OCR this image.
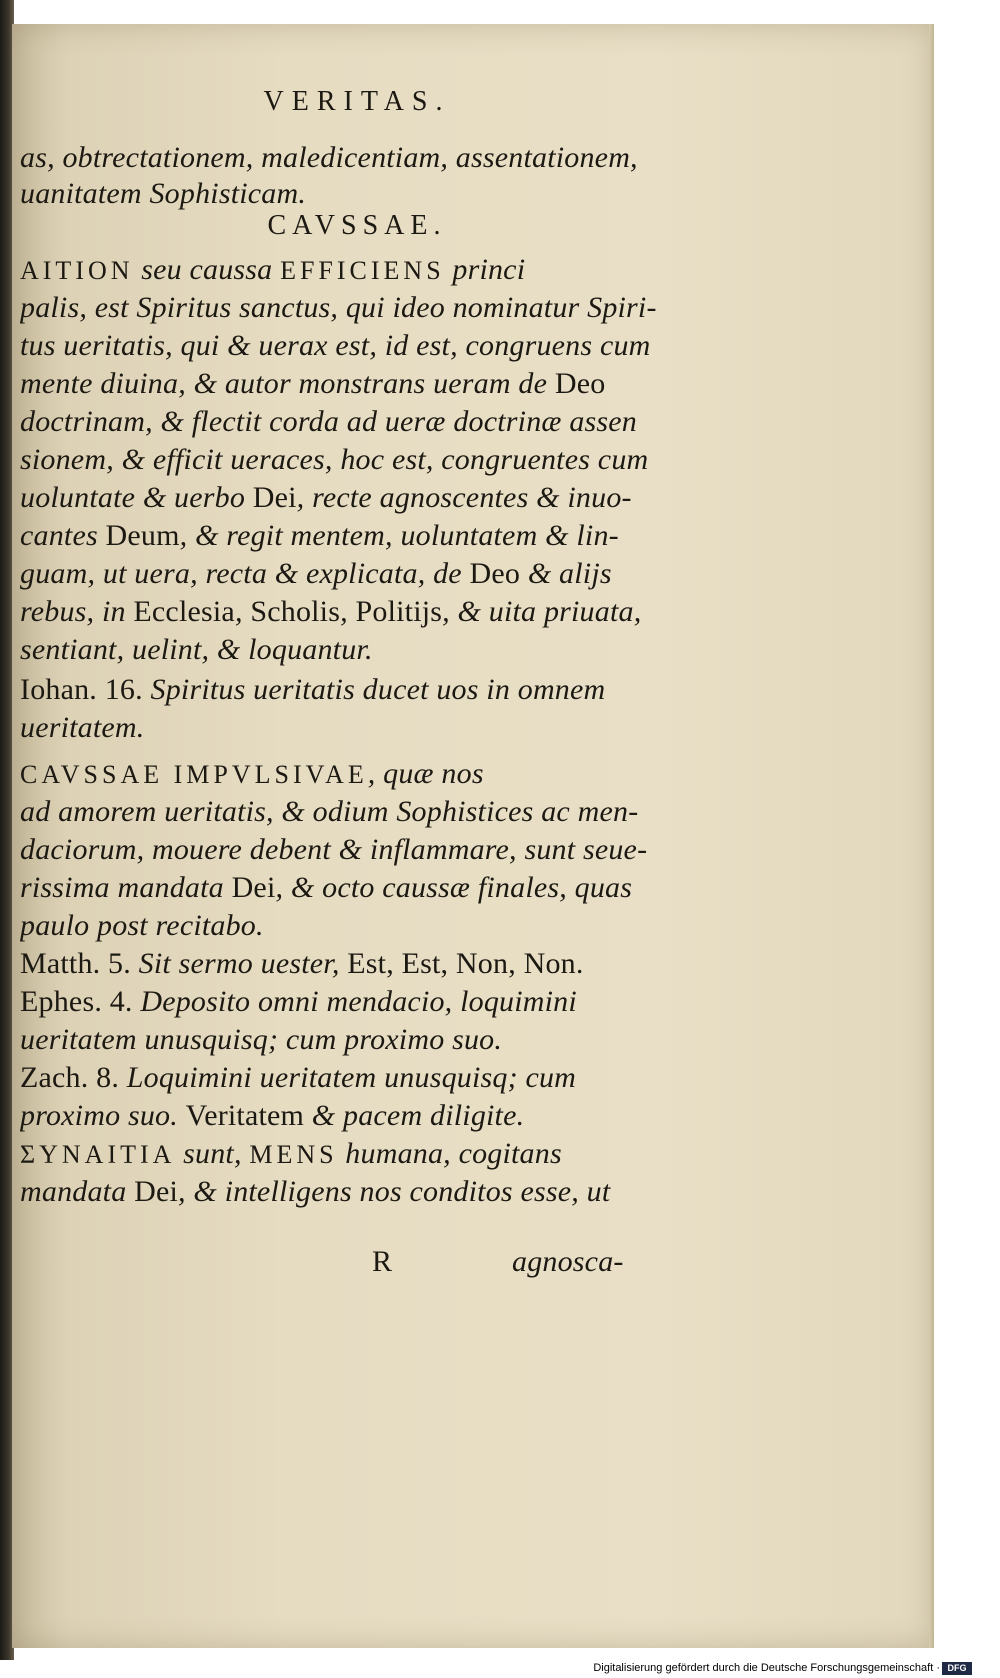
VERITAS.
as, obtrectationem, maledicentiam, assentationem,
uanitatem Sophisticam.
AITION seu caussa EFFICIENS princi
palis, est Spiritus sanctus, qui ideo nominatur Spiri-
tus ueritatis, qui & uerax est, id est, congruens cum
mente diuina, & autor monstrans ueram de Deo
doctrinam, & flectit corda ad ueræ doctrinæ assen
sionem, & efficit ueraces, hoc est, congruentes cum
uoluntate & uerbo Dei, recte agnoscentes & inuo-
cantes Deum, & regit mentem, uoluntatem & lin-
guam, ut uera, recta & explicata, de Deo & alijs
rebus, in Ecclesia, Scholis, Politijs, & uita priuata,
sentiant, uelint, & loquantur.
Iohan. 16. Spiritus ueritatis ducet uos in omnem
ueritatem.
CAVSSAE IMPVLSIVAE, quæ nos
ad amorem ueritatis, & odium Sophistices ac men-
daciorum, mouere debent & inflammare, sunt seue-
rissima mandata Dei, & octo caussæ finales, quas
paulo post recitabo.
Matth. 5. Sit sermo uester, Est, Est, Non, Non.
Ephes. 4. Deposito omni mendacio, loquimini
ueritatem unusquisq; cum proximo suo.
Zach. 8. Loquimini ueritatem unusquisq; cum
proximo suo. Veritatem & pacem diligite.
ΣΥΝΑΙΤΙΑ sunt, MENS humana, cogitans
mandata Dei, & intelligens nos conditos esse, ut
CAVSSAE.
R	agnosca-
Digitalisierung gefördert durch die Deutsche Forschungsgemeinschaft · DFG
